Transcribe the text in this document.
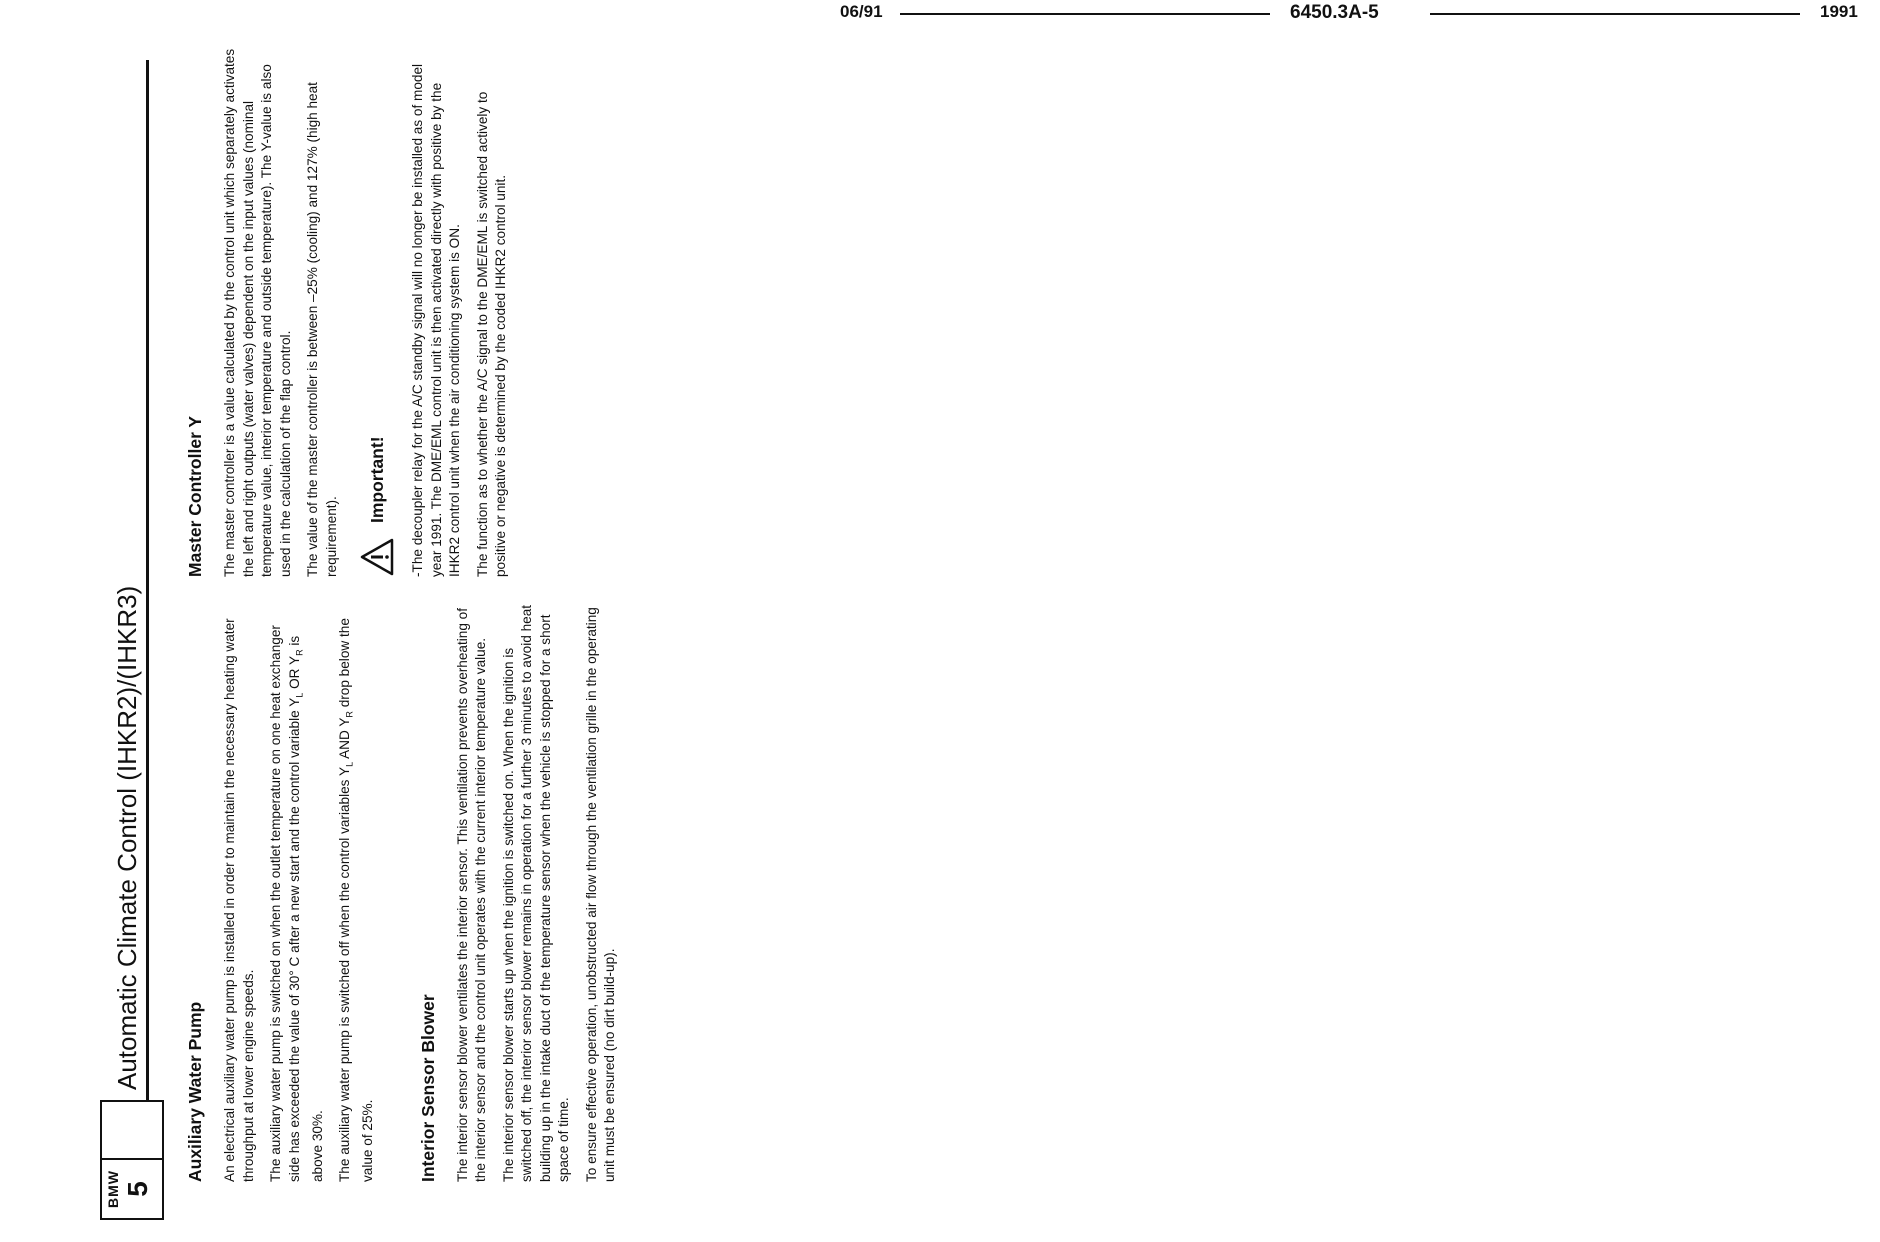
BMW 5
Automatic Climate Control (IHKR2)/(IHKR3)
06/91	6450.3A-5	1991
Auxiliary Water Pump An electrical auxiliary water pump is installed in order to maintain the necessary heating water throughput at lower engine speeds. The auxiliary water pump is switched on when the outlet temperature on one heat exchanger side has exceeded the value of 30° C after a new start and the control variable $Y_L$ OR $Y_R$ is above 30%. The auxiliary water pump is switched off when the control variables $Y_L$ AND $Y_R$ drop below the value of 25%. Interior Sensor Blower The interior sensor blower ventilates the interior sensor. This ventilation prevents overheating of the interior sensor and the control unit operates with the current interior temperature value. The interior sensor blower starts up when the ignition is switched on. When the ignition is switched off, the interior sensor blower remains in operation for a further 3 minutes to avoid heat building up in the intake duct of the temperature sensor when the vehicle is stopped for a short space of time. To ensure effective operation, unobstructed air flow through the ventilation grille in the operating unit must be ensured (no dirt build-up).

Master Controller Y The master controller is a value calculated by the control unit which separately activates the left and right outputs (water valves) dependent on the input values (nominal temperature value, interior temperature and outside temperature). The Y-value is also used in the calculation of the flap control. The value of the master controller is between –25% (cooling) and 127% (high heat requirement).

Important! -The decoupler relay for the A/C standby signal will no longer be installed as of model year 1991. The DME/EML control unit is then activated directly with positive by the IHKR2 control unit when the air conditioning system is ON. The function as to whether the A/C signal to the DME/EML is switched actively to positive or negative is determined by the coded IHKR2 control unit.
